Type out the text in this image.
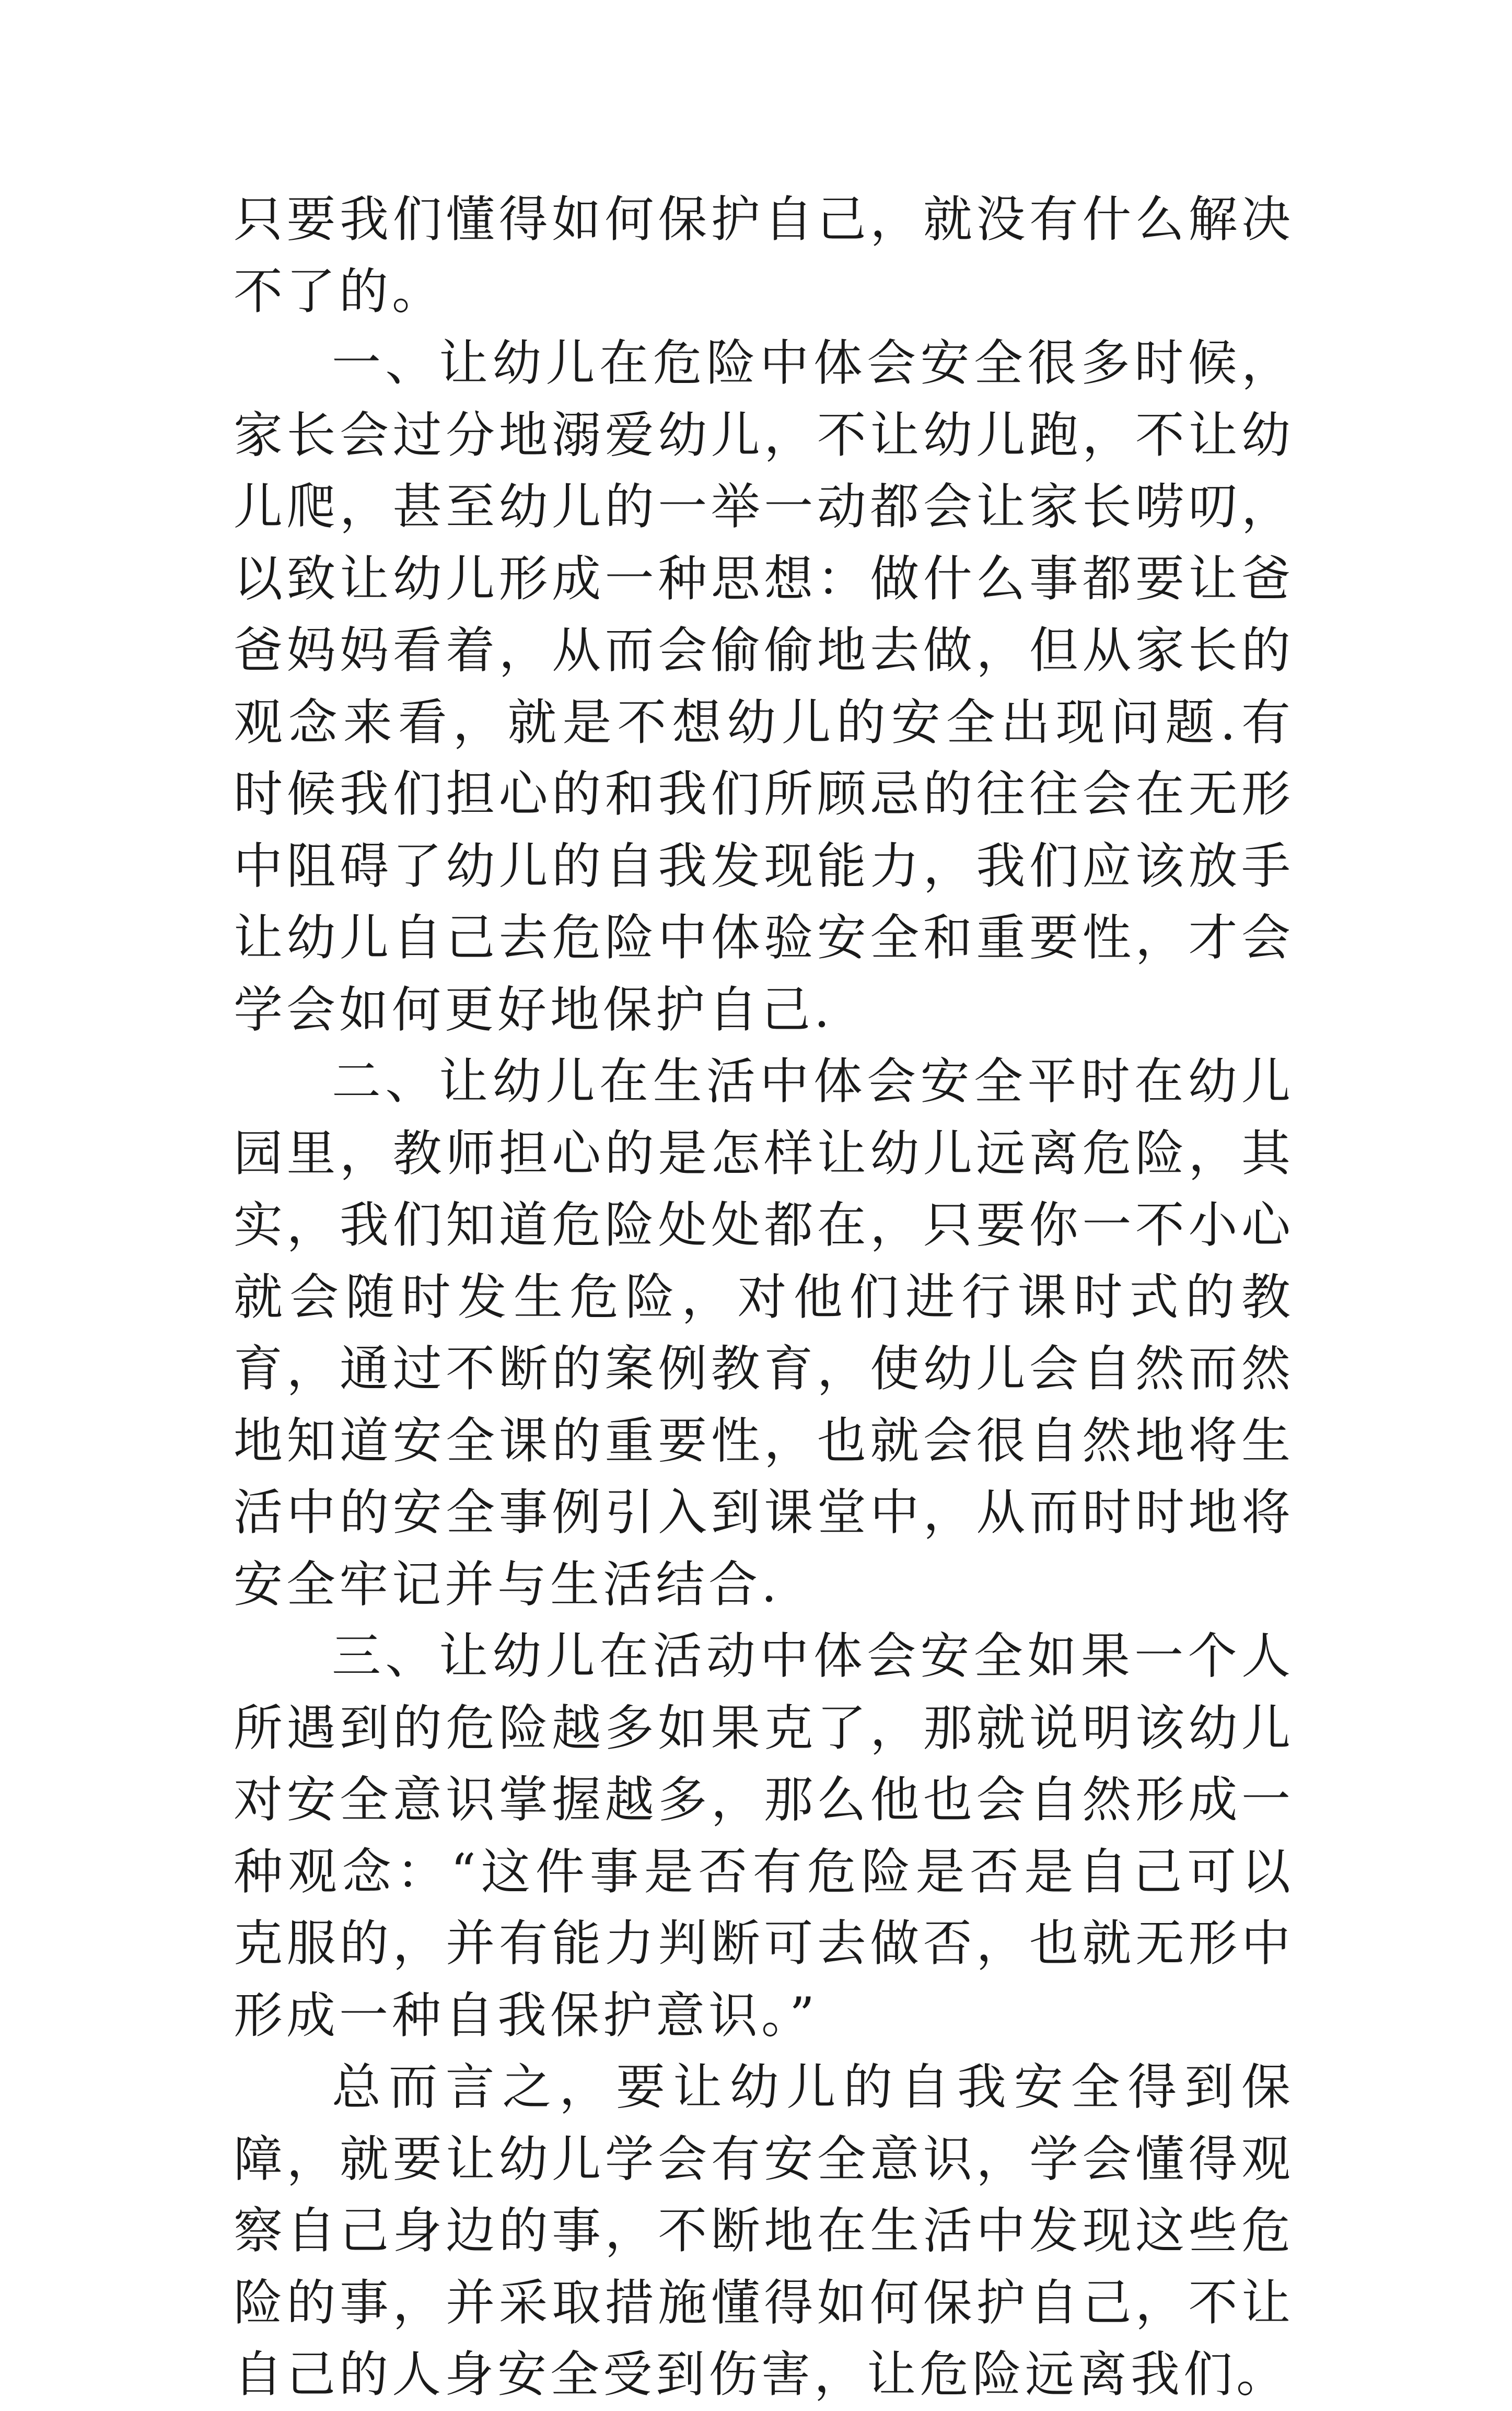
只要我们懂得如何保护自己，就没有什么解决不了的。

一、让幼儿在危险中体会安全很多时候，家长会过分地溺爱幼儿，不让幼儿跑，不让幼儿爬，甚至幼儿的一举一动都会让家长唠叨，以致让幼儿形成一种思想：做什么事都要让爸爸妈妈看着，从而会偷偷地去做，但从家长的观念来看，就是不想幼儿的安全出现问题.有时候我们担心的和我们所顾忌的往往会在无形中阻碍了幼儿的自我发现能力，我们应该放手让幼儿自己去危险中体验安全和重要性，才会学会如何更好地保护自己.

二、让幼儿在生活中体会安全平时在幼儿园里，教师担心的是怎样让幼儿远离危险，其实，我们知道危险处处都在，只要你一不小心就会随时发生危险，对他们进行课时式的教育，通过不断的案例教育，使幼儿会自然而然地知道安全课的重要性，也就会很自然地将生活中的安全事例引入到课堂中，从而时时地将安全牢记并与生活结合.

三、让幼儿在活动中体会安全如果一个人所遇到的危险越多如果克了，那就说明该幼儿对安全意识掌握越多，那么他也会自然形成一种观念：“这件事是否有危险是否是自己可以克服的，并有能力判断可去做否，也就无形中形成一种自我保护意识。”

总而言之，要让幼儿的自我安全得到保障，就要让幼儿学会有安全意识，学会懂得观察自己身边的事，不断地在生活中发现这些危险的事，并采取措施懂得如何保护自己，不让自己的人身安全受到伤害，让危险远离我们。
